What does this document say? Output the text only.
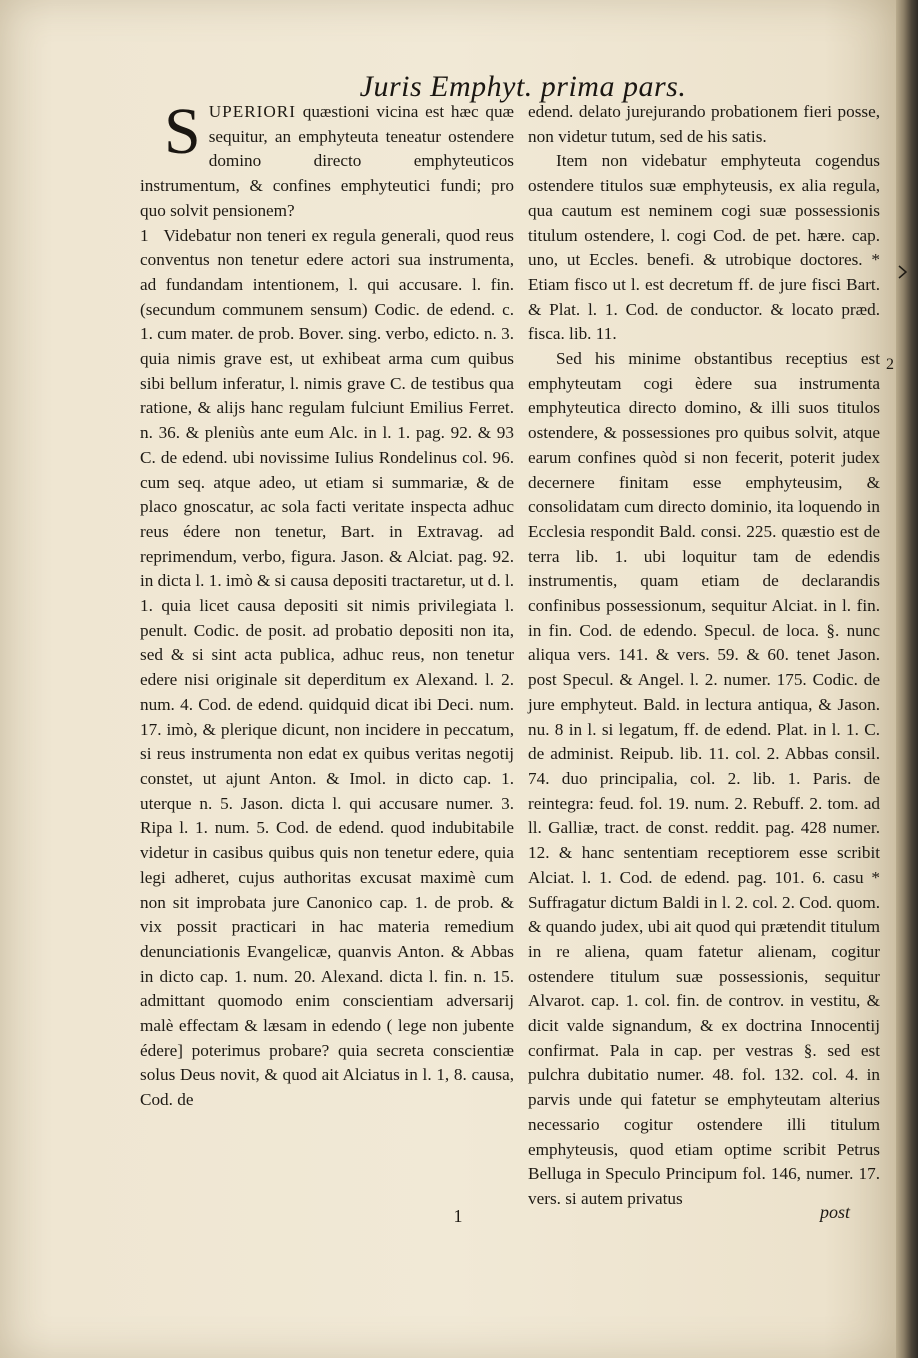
Juris Emphyt. prima pars.

S UPERIORI quæstioni vicina est hæc quæ sequitur, an emphyteuta teneatur ostendere domino directo emphyteuticos instrumentum, & confines emphyteutici fundi; pro quo solvit pensionem?

1 Videbatur non teneri ex regula generali, quod reus conventus non tenetur edere actori sua instrumenta, ad fundandam intentionem, l. qui accusare. l. fin. (secundum communem sensum) Codic. de edend. c. 1. cum mater. de prob. Bover. sing. verbo, edicto. n. 3. quia nimis grave est, ut exhibeat arma cum quibus sibi bellum inferatur, l. nimis grave C. de testibus qua ratione, & alijs hanc regulam fulciunt Emilius Ferret. n. 36. & pleniùs ante eum Alc. in l. 1. pag. 92. & 93 C. de edend. ubi novissime Iulius Rondelinus col. 96. cum seq. atque adeo, ut etiam si summariæ, & de placo gnoscatur, ac sola facti veritate inspecta adhuc reus édere non tenetur, Bart. in Extravag. ad reprimendum, verbo, figura. Jason. & Alciat. pag. 92. in dicta l. 1. imò & si causa depositi tractaretur, ut d. l. 1. quia licet causa depositi sit nimis privilegiata l. penult. Codic. de posit. ad probatio depositi non ita, sed & si sint acta publica, adhuc reus, non tenetur edere nisi originale sit deperditum ex Alexand. l. 2. num. 4. Cod. de edend. quidquid dicat ibi Deci. num. 17. imò, & plerique dicunt, non incidere in peccatum, si reus instrumenta non edat ex quibus veritas negotij constet, ut ajunt Anton. & Imol. in dicto cap. 1. uterque n. 5. Jason. dicta l. qui accusare numer. 3. Ripa l. 1. num. 5. Cod. de edend. quod indubitabile videtur in casibus quibus quis non tenetur edere, quia legi adheret, cujus authoritas excusat maximè cum non sit improbata jure Canonico cap. 1. de prob. & vix possit practicari in hac materia remedium denunciationis Evangelicæ, quanvis Anton. & Abbas in dicto cap. 1. num. 20. Alexand. dicta l. fin. n. 15. admittant quomodo enim conscientiam adversarij malè effectam & læsam in edendo ( lege non jubente édere] poterimus probare? quia secreta conscientiæ solus Deus novit, & quod ait Alciatus in l. 1, 8. causa, Cod. de

edend. delato jurejurando probationem fieri posse, non videtur tutum, sed de his satis.

Item non videbatur emphyteuta cogendus ostendere titulos suæ emphyteusis, ex alia regula, qua cautum est neminem cogi suæ possessionis titulum ostendere, l. cogi Cod. de pet. hære. cap. uno, ut Eccles. benefi. & utrobique doctores. * Etiam fisco ut l. est decretum ff. de jure fisci Bart. & Plat. l. 1. Cod. de conductor. & locato præd. fisca. lib. 11.

Sed his minime obstantibus receptius est emphyteutam cogi èdere sua instrumenta emphyteutica directo domino, & illi suos titulos ostendere, & possessiones pro quibus solvit, atque earum confines quòd si non fecerit, poterit judex decernere finitam esse emphyteusim, & consolidatam cum directo dominio, ita loquendo in Ecclesia respondit Bald. consi. 225. quæstio est de terra lib. 1. ubi loquitur tam de edendis instrumentis, quam etiam de declarandis confinibus possessionum, sequitur Alciat. in l. fin. in fin. Cod. de edendo. Specul. de loca. §. nunc aliqua vers. 141. & vers. 59. & 60. tenet Jason. post Specul. & Angel. l. 2. numer. 175. Codic. de jure emphyteut. Bald. in lectura antiqua, & Jason. nu. 8 in l. si legatum, ff. de edend. Plat. in l. 1. C. de administ. Reipub. lib. 11. col. 2. Abbas consil. 74. duo principalia, col. 2. lib. 1. Paris. de reintegra: feud. fol. 19. num. 2. Rebuff. 2. tom. ad ll. Galliæ, tract. de const. reddit. pag. 428 numer. 12. & hanc sententiam receptiorem esse scribit Alciat. l. 1. Cod. de edend. pag. 101. 6. casu * Suffragatur dictum Baldi in l. 2. col. 2. Cod. quom. & quando judex, ubi ait quod qui prætendit titulum in re aliena, quam fatetur alienam, cogitur ostendere titulum suæ possessionis, sequitur Alvarot. cap. 1. col. fin. de controv. in vestitu, & dicit valde signandum, & ex doctrina Innocentij confirmat. Pala in cap. per vestras §. sed est pulchra dubitatio numer. 48. fol. 132. col. 4. in parvis unde qui fatetur se emphyteutam alterius necessario cogitur ostendere illi titulum emphyteusis, quod etiam optime scribit Petrus Belluga in Speculo Principum fol. 146, numer. 17. vers. si autem privatus

2
1	post
